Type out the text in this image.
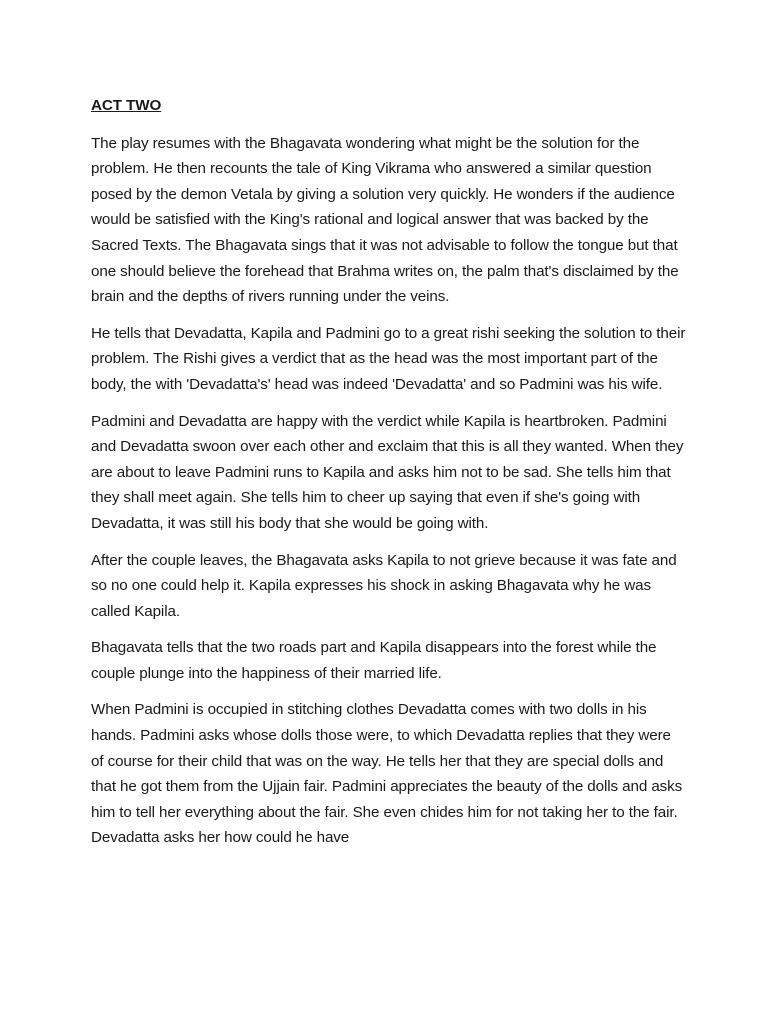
ACT TWO

The play resumes with the Bhagavata wondering what might be the solution for the problem. He then recounts the tale of King Vikrama who answered a similar question posed by the demon Vetala by giving a solution very quickly. He wonders if the audience would be satisfied with the King's rational and logical answer that was backed by the Sacred Texts. The Bhagavata sings that it was not advisable to follow the tongue but that one should believe the forehead that Brahma writes on, the palm that's disclaimed by the brain and the depths of rivers running under the veins.

He tells that Devadatta, Kapila and Padmini go to a great rishi seeking the solution to their problem. The Rishi gives a verdict that as the head was the most important part of the body, the with 'Devadatta's' head was indeed 'Devadatta' and so Padmini was his wife.

Padmini and Devadatta are happy with the verdict while Kapila is heartbroken. Padmini and Devadatta swoon over each other and exclaim that this is all they wanted. When they are about to leave Padmini runs to Kapila and asks him not to be sad. She tells him that they shall meet again. She tells him to cheer up saying that even if she's going with Devadatta, it was still his body that she would be going with.

After the couple leaves, the Bhagavata asks Kapila to not grieve because it was fate and so no one could help it. Kapila expresses his shock in asking Bhagavata why he was called Kapila.

Bhagavata tells that the two roads part and Kapila disappears into the forest while the couple plunge into the happiness of their married life.

When Padmini is occupied in stitching clothes Devadatta comes with two dolls in his hands. Padmini asks whose dolls those were, to which Devadatta replies that they were of course for their child that was on the way. He tells her that they are special dolls and that he got them from the Ujjain fair. Padmini appreciates the beauty of the dolls and asks him to tell her everything about the fair. She even chides him for not taking her to the fair. Devadatta asks her how could he have
